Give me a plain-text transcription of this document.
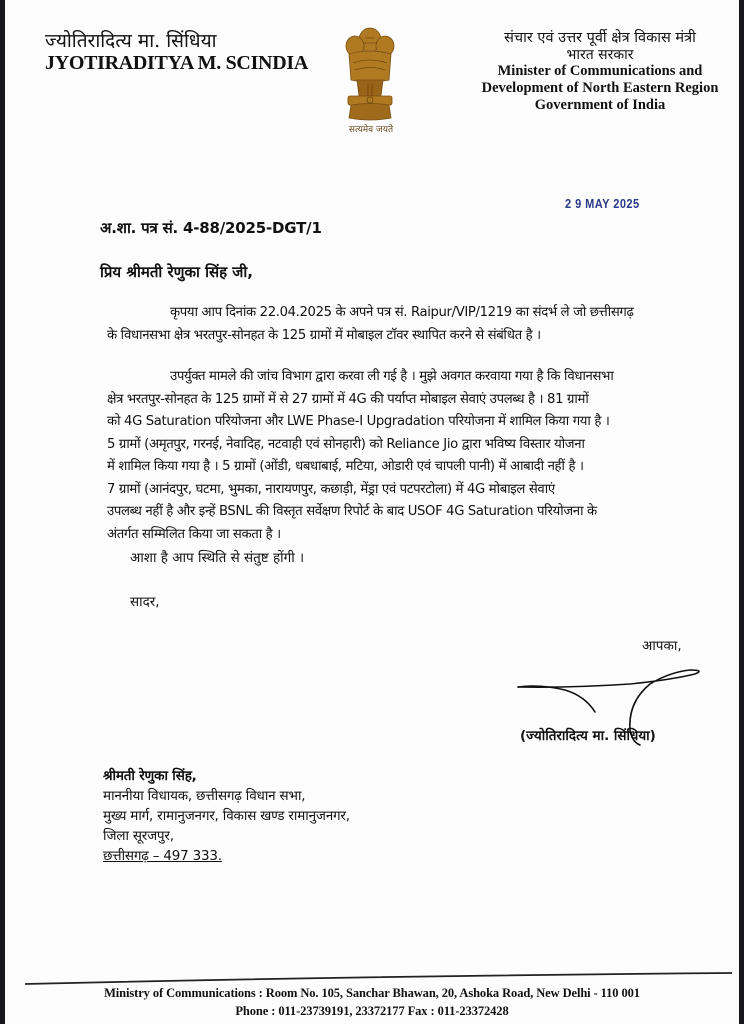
ज्योतिरादित्य मा. सिंधिया
JYOTIRADITYA M. SCINDIA
सत्यमेव जयते
संचार एवं उत्तर पूर्वी क्षेत्र विकास मंत्री
भारत सरकार
Minister of Communications and
Development of North Eastern Region
Government of India
2 9 MAY 2025
अ.शा. पत्र सं. 4-88/2025-DGT/1
प्रिय श्रीमती रेणुका सिंह जी,
कृपया आप दिनांक 22.04.2025 के अपने पत्र सं. Raipur/VIP/1219 का संदर्भ ले जो छत्तीसगढ़
के विधानसभा क्षेत्र भरतपुर-सोनहत के 125 ग्रामों में मोबाइल टॉवर स्थापित करने से संबंधित है ।
उपर्युक्त मामले की जांच विभाग द्वारा करवा ली गई है । मुझे अवगत करवाया गया है कि विधानसभा
क्षेत्र भरतपुर-सोनहत के 125 ग्रामों में से 27 ग्रामों में 4G की पर्याप्त मोबाइल सेवाएं उपलब्ध है । 81 ग्रामों
को 4G Saturation परियोजना और LWE Phase-I Upgradation परियोजना में शामिल किया गया है ।
5 ग्रामों (अमृतपुर, गरनई, नेवादिह, नटवाही एवं सोनहारी) को Reliance Jio द्वारा भविष्य विस्तार योजना
में शामिल किया गया है । 5 ग्रामों (ओंडी, धबधाबाई, मटिया, ओडारी एवं चापली पानी) में आबादी नहीं है ।
7 ग्रामों (आनंदपुर, घटमा, भुमका, नारायणपुर, कछाड़ी, मेंड्रा एवं पटपरटोला) में 4G मोबाइल सेवाएं
उपलब्ध नहीं है और इन्हें BSNL की विस्तृत सर्वेक्षण रिपोर्ट के बाद USOF 4G Saturation परियोजना के
अंतर्गत सम्मिलित किया जा सकता है ।
आशा है आप स्थिति से संतुष्ट होंगी ।
सादर,
आपका,
(ज्योतिरादित्य मा. सिंधिया)
श्रीमती रेणुका सिंह,
माननीया विधायक, छत्तीसगढ़ विधान सभा,
मुख्य मार्ग, रामानुजनगर, विकास खण्ड रामानुजनगर,
जिला सूरजपुर,
छत्तीसगढ़ – 497 333.
Ministry of Communications : Room No. 105, Sanchar Bhawan, 20, Ashoka Road, New Delhi - 110 001
Phone : 011-23739191, 23372177 Fax : 011-23372428
